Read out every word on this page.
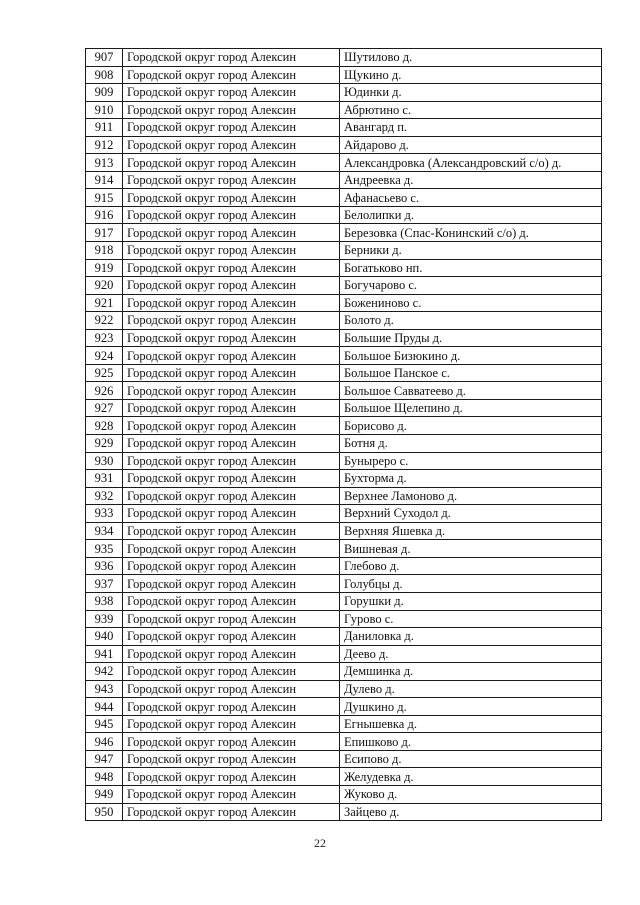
907	Городской округ город Алексин	Шутилово д.
908	Городской округ город Алексин	Щукино д.
909	Городской округ город Алексин	Юдинки д.
910	Городской округ город Алексин	Абрютино с.
911	Городской округ город Алексин	Авангард п.
912	Городской округ город Алексин	Айдарово д.
913	Городской округ город Алексин	Александровка (Александровский с/о) д.
914	Городской округ город Алексин	Андреевка д.
915	Городской округ город Алексин	Афанасьево с.
916	Городской округ город Алексин	Белолипки д.
917	Городской округ город Алексин	Березовка (Спас-Конинский с/о) д.
918	Городской округ город Алексин	Берники д.
919	Городской округ город Алексин	Богатьково нп.
920	Городской округ город Алексин	Богучарово с.
921	Городской округ город Алексин	Божениново с.
922	Городской округ город Алексин	Болото д.
923	Городской округ город Алексин	Большие Пруды д.
924	Городской округ город Алексин	Большое Бизюкино д.
925	Городской округ город Алексин	Большое Панское с.
926	Городской округ город Алексин	Большое Савватеево д.
927	Городской округ город Алексин	Большое Щелепино д.
928	Городской округ город Алексин	Борисово д.
929	Городской округ город Алексин	Ботня д.
930	Городской округ город Алексин	Буныреро с.
931	Городской округ город Алексин	Бухторма д.
932	Городской округ город Алексин	Верхнее Ламоново д.
933	Городской округ город Алексин	Верхний Суходол д.
934	Городской округ город Алексин	Верхняя Яшевка д.
935	Городской округ город Алексин	Вишневая д.
936	Городской округ город Алексин	Глебово д.
937	Городской округ город Алексин	Голубцы д.
938	Городской округ город Алексин	Горушки д.
939	Городской округ город Алексин	Гурово с.
940	Городской округ город Алексин	Даниловка д.
941	Городской округ город Алексин	Деево д.
942	Городской округ город Алексин	Демшинка д.
943	Городской округ город Алексин	Дулево д.
944	Городской округ город Алексин	Душкино д.
945	Городской округ город Алексин	Егнышевка д.
946	Городской округ город Алексин	Епишково д.
947	Городской округ город Алексин	Есипово д.
948	Городской округ город Алексин	Желудевка д.
949	Городской округ город Алексин	Жуково д.
950	Городской округ город Алексин	Зайцево д.
22
